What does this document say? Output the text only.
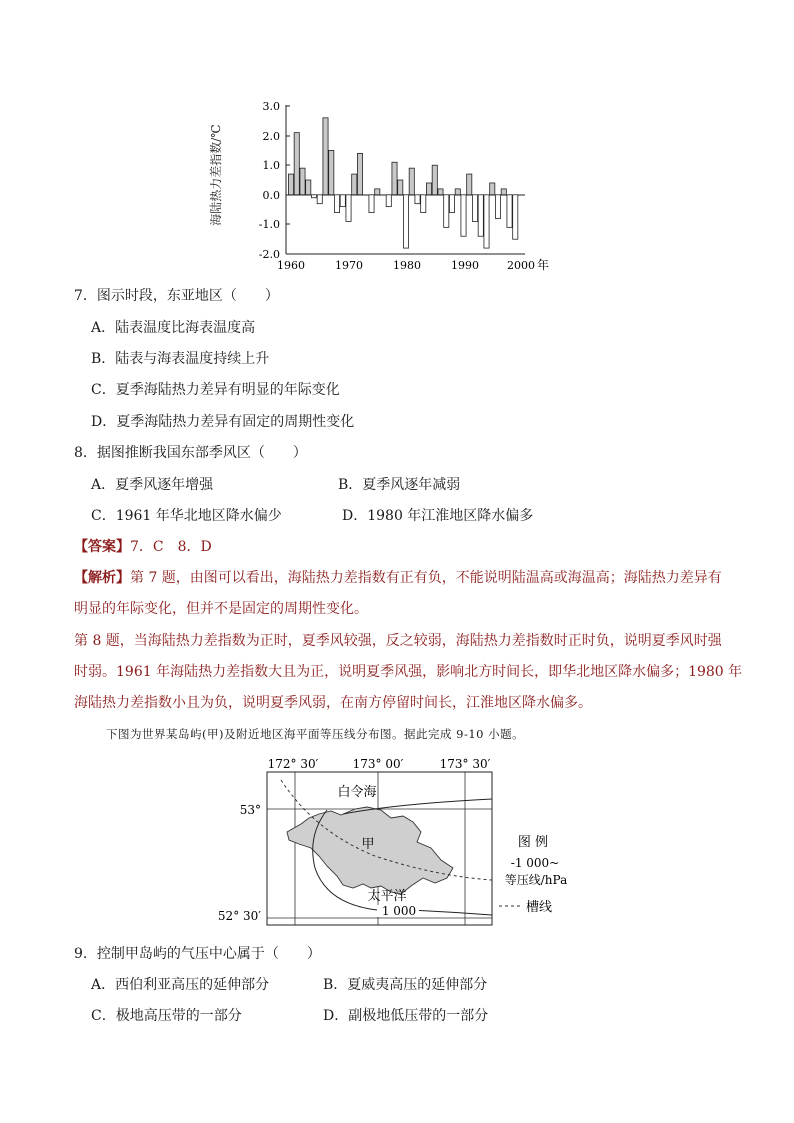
海陆热力差指数/℃
3.0
2.0
1.0
0.0
-1.0
-2.0
1960	1970	1980	1990	2000 年
7．图示时段，东亚地区（　　）
A．陆表温度比海表温度高
B．陆表与海表温度持续上升
C．夏季海陆热力差异有明显的年际变化
D．夏季海陆热力差异有固定的周期性变化
8．据图推断我国东部季风区（　　）
A．夏季风逐年增强	B．夏季风逐年减弱
C．1961 年华北地区降水偏少	D．1980 年江淮地区降水偏多
【答案】7．C　8．D
【解析】第 7 题，由图可以看出，海陆热力差指数有正有负，不能说明陆温高或海温高；海陆热力差异有
明显的年际变化，但并不是固定的周期性变化。
第 8 题，当海陆热力差指数为正时，夏季风较强，反之较弱，海陆热力差指数时正时负，说明夏季风时强
时弱。1961 年海陆热力差指数大且为正，说明夏季风强，影响北方时间长，即华北地区降水偏多；1980 年
海陆热力差指数小且为负，说明夏季风弱，在南方停留时间长，江淮地区降水偏多。
下图为世界某岛屿(甲)及附近地区海平面等压线分布图。据此完成 9-10 小题。
172° 30′	173° 00′	173° 30′
53°
52° 30′
白令海
甲
太平洋
1 000
图 例
-1 000~
等压线/hPa
槽线
9．控制甲岛屿的气压中心属于（　　）
A．西伯利亚高压的延伸部分	B．夏威夷高压的延伸部分
C．极地高压带的一部分	D．副极地低压带的一部分
